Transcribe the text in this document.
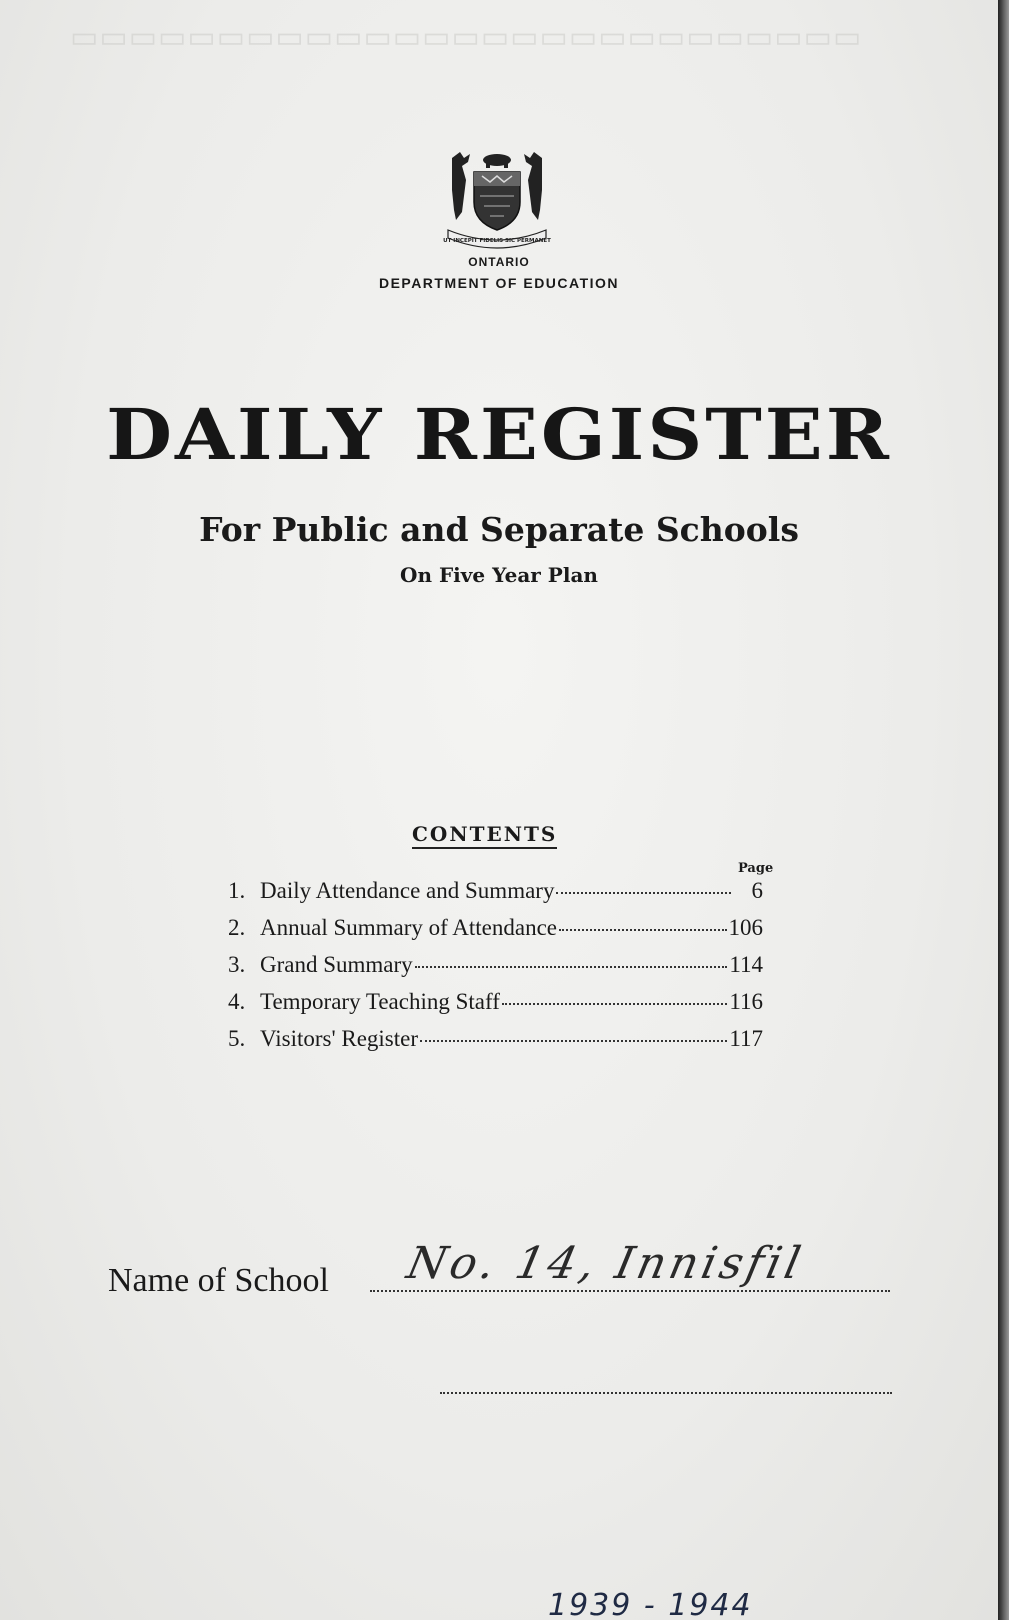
▭▭▭▭▭▭▭▭▭▭▭▭▭▭▭▭▭▭▭▭▭▭▭▭▭▭▭
UT INCEPIT FIDELIS SIC PERMANET
ONTARIO
DEPARTMENT OF EDUCATION
DAILY REGISTER
For Public and Separate Schools
On Five Year Plan
CONTENTS
Page
1. Daily Attendance and Summary	6
2. Annual Summary of Attendance	106
3. Grand Summary	114
4. Temporary Teaching Staff	116
5. Visitors' Register	117
Name of School No. 14, Innisfil
1939 - 1944
